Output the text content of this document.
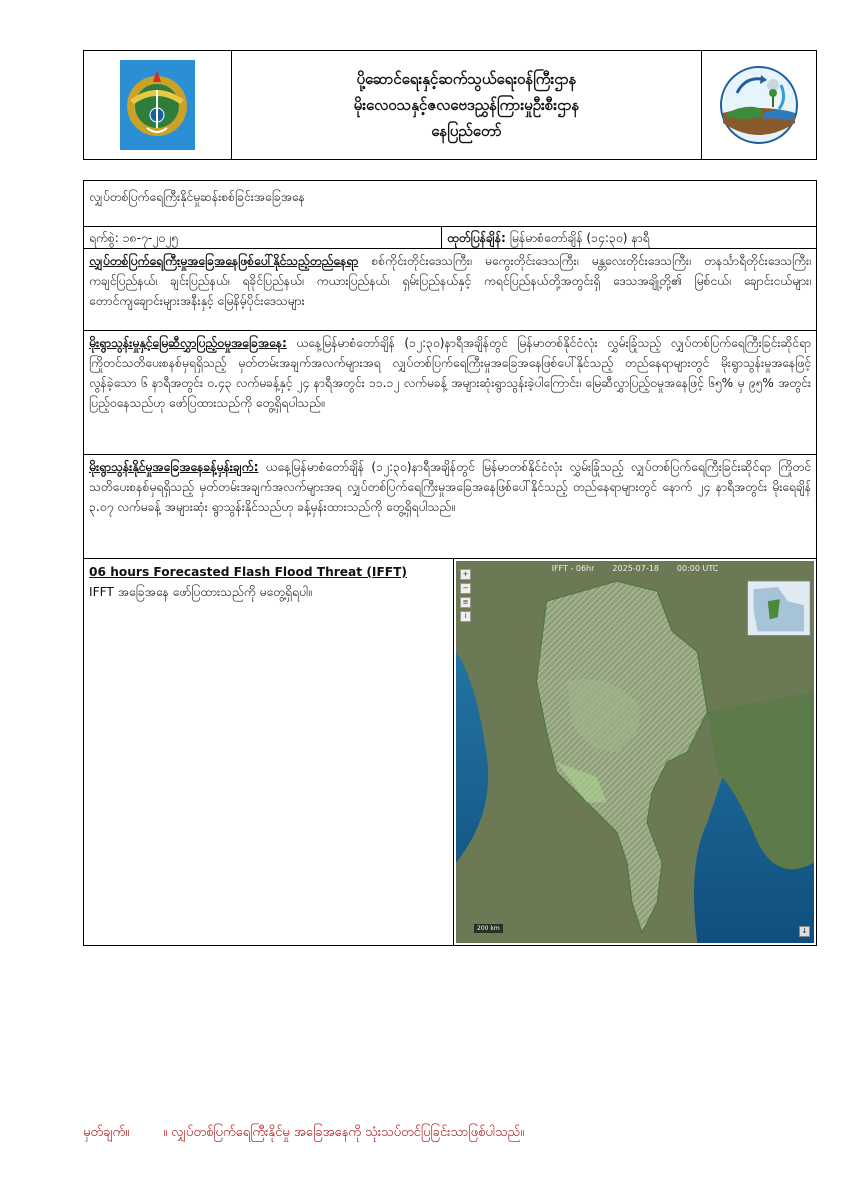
ပို့ဆောင်ရေးနှင့်ဆက်သွယ်ရေးဝန်ကြီးဌာန
မိုးလေဝသနှင့်ဇလဗေဒညွှန်ကြားမှုဦးစီးဌာန
နေပြည်တော်
လျှပ်တစ်ပြက်ရေကြီးနိုင်မှုဆန်းစစ်ခြင်းအခြေအနေ
ရက်စွဲ: ၁၈-၇-၂၀၂၅	ထုတ်ပြန်ချိန်: မြန်မာစံတော်ချိန် (၁၄:၃၀) နာရီ
လျှပ်တစ်ပြက်ရေကြီးမှုအခြေအနေဖြစ်ပေါ်နိုင်သည့်တည်နေရာ စစ်ကိုင်းတိုင်းဒေသကြီး၊ မကွေးတိုင်းဒေသကြီး၊ မန္တလေးတိုင်းဒေသကြီး၊ တနင်္သာရီတိုင်းဒေသကြီး၊ ကချင်ပြည်နယ်၊ ချင်းပြည်နယ်၊ ရခိုင်ပြည်နယ်၊ ကယားပြည်နယ်၊ ရှမ်းပြည်နယ်နှင့် ကရင်ပြည်နယ်တို့အတွင်းရှိ ဒေသအချို့တို့၏ မြစ်ငယ်၊ ချောင်းငယ်များ၊ တောင်ကျချောင်းများအနီးနှင့် မြေနိမ့်ပိုင်းဒေသများ
မိုးရွာသွန်းမှုနှင့်မြေဆီလွှာပြည့်ဝမှုအခြေအနေ: ယနေ့မြန်မာစံတော်ချိန် (၁၂:၃၀)နာရီအချိန်တွင် မြန်မာတစ်နိုင်ငံလုံး လွှမ်းခြုံသည့် လျှပ်တစ်ပြက်ရေကြီးခြင်းဆိုင်ရာ ကြိုတင်သတိပေးစနစ်မှရရှိသည့် မှတ်တမ်းအချက်အလက်များအရ လျှပ်တစ်ပြက်ရေကြီးမှုအခြေအနေဖြစ်ပေါ်နိုင်သည့် တည်နေရာများတွင် မိုးရွာသွန်းမှုအနေဖြင့် လွန်ခဲ့သော ၆ နာရီအတွင်း ၀.၄၃ လက်မခန့်နှင့် ၂၄ နာရီအတွင်း ၁၁.၁၂ လက်မခန့် အများဆုံးရွာသွန်းခဲ့ပါကြောင်း၊ မြေဆီလွှာပြည့်ဝမှုအနေဖြင့် ၆၅% မှ ၉၅% အတွင်း ပြည့်ဝနေသည်ဟု ဖော်ပြထားသည်ကို တွေ့ရှိရပါသည်။
မိုးရွာသွန်းနိုင်မှုအခြေအနေခန့်မှန်းချက်: ယနေ့မြန်မာစံတော်ချိန် (၁၂:၃၀)နာရီအချိန်တွင် မြန်မာတစ်နိုင်ငံလုံး လွှမ်းခြုံသည့် လျှပ်တစ်ပြက်ရေကြီးခြင်းဆိုင်ရာ ကြိုတင်သတိပေးစနစ်မှရရှိသည့် မှတ်တမ်းအချက်အလက်များအရ လျှပ်တစ်ပြက်ရေကြီးမှုအခြေအနေဖြစ်ပေါ်နိုင်သည့် တည်နေရာများတွင် နောက် ၂၄ နာရီအတွင်း မိုးရေချိန် ၃.၀၇ လက်မခန့် အများဆုံး ရွာသွန်းနိုင်သည်ဟု ခန့်မှန်းထားသည်ကို တွေ့ရှိရပါသည်။
06 hours Forecasted Flash Flood Threat (IFFT)
IFFT အခြေအနေ ဖော်ပြထားသည်ကို မတွေ့ရှိရပါ။
IFFT - 06hr 2025-07-18 00:00 UTC
+
−
≡
i
200 km	↓
မှတ်ချက်။	။ လျှပ်တစ်ပြက်ရေကြီးနိုင်မှု အခြေအနေကို သုံးသပ်တင်ပြခြင်းသာဖြစ်ပါသည်။
